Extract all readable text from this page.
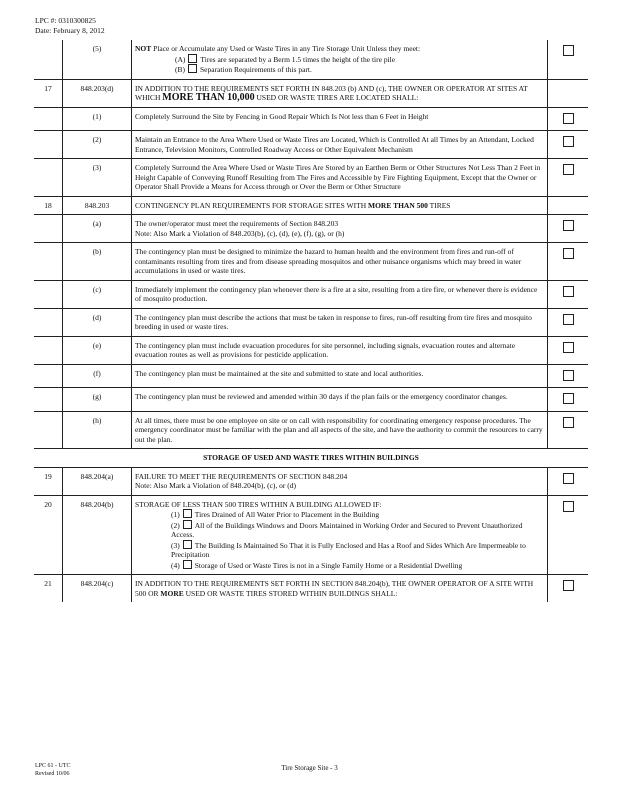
LPC #: 0310300825
Date: February 8, 2012
	(5)	NOT Place or Accumulate any Used or Waste Tires in any Tire Storage Unit Unless they meet:
(A) Tires are separated by a Berm 1.5 times the height of the tire pile
(B) Separation Requirements of this part.	

17	848.203(d)	IN ADDITION TO THE REQUIREMENTS SET FORTH IN 848.203 (b) AND (c), THE OWNER OR OPERATOR AT SITES AT WHICH MORE THAN 10,000 USED OR WASTE TIRES ARE LOCATED SHALL:	
	(1)	Completely Surround the Site by Fencing in Good Repair Which Is Not less than 6 Feet in Height	
	(2)	Maintain an Entrance to the Area Where Used or Waste Tires are Located, Which is Controlled At all Times by an Attendant, Locked Entrance, Television Monitors, Controlled Roadway Access or Other Equivalent Mechanism	
	(3)	Completely Surround the Area Where Used or Waste Tires Are Stored by an Earthen Berm or Other Structures Not Less Than 2 Feet in Height Capable of Conveying Runoff Resulting from The Fires and Accessible by Fire Fighting Equipment, Except that the Owner or Operator Shall Provide a Means for Access through or Over the Berm or Other Structure	
18	848.203	CONTINGENCY PLAN REQUIREMENTS FOR STORAGE SITES WITH MORE THAN 500 TIRES	
	(a)	The owner/operator must meet the requirements of Section 848.203
Note: Also Mark a Violation of 848.203(b), (c), (d), (e), (f), (g), or (h)	

	(b)	The contingency plan must be designed to minimize the hazard to human health and the environment from fires and run-off of contaminants resulting from tires and from disease spreading mosquitos and other nuisance organisms which may breed in water accumulations in used or waste tires.	
	(c)	Immediately implement the contingency plan whenever there is a fire at a site, resulting from a tire fire, or whenever there is evidence of mosquito production.	
	(d)	The contingency plan must describe the actions that must be taken in response to fires, run-off resulting from tire fires and mosquito breeding in used or waste tires.	
	(e)	The contingency plan must include evacuation procedures for site personnel, including signals, evacuation routes and alternate evacuation routes as well as provisions for pesticide application.	
	(f)	The contingency plan must be maintained at the site and submitted to state and local authorities.	
	(g)	The contingency plan must be reviewed and amended within 30 days if the plan fails or the emergency coordinator changes.	
	(h)	At all times, there must be one employee on site or on call with responsibility for coordinating emergency response procedures. The emergency coordinator must be familiar with the plan and all aspects of the site, and have the authority to commit the resources to carry out the plan.	
STORAGE OF USED AND WASTE TIRES WITHIN BUILDINGS			
19	848.204(a)	FAILURE TO MEET THE REQUIREMENTS OF SECTION 848.204
Note: Also Mark a Violation of 848.204(b), (c), or (d)	

20	848.204(b)	STORAGE OF LESS THAN 500 TIRES WITHIN A BUILDING ALLOWED IF:
(1) Tires Drained of All Water Prior to Placement in the Building
(2) All of the Buildings Windows and Doors Maintained in Working Order and Secured to Prevent Unauthorized Access.
(3) The Building Is Maintained So That it is Fully Enclosed and Has a Roof and Sides Which Are Impermeable to Precipitation
(4) Storage of Used or Waste Tires is not in a Single Family Home or a Residential Dwelling	

21	848.204(c)	IN ADDITION TO THE REQUIREMENTS SET FORTH IN SECTION 848.204(b), THE OWNER OPERATOR OF A SITE WITH 500 OR MORE USED OR WASTE TIRES STORED WITHIN BUILDINGS SHALL:	
LPC 61 - UTC
Revised 10/06
Tire Storage Site - 3
